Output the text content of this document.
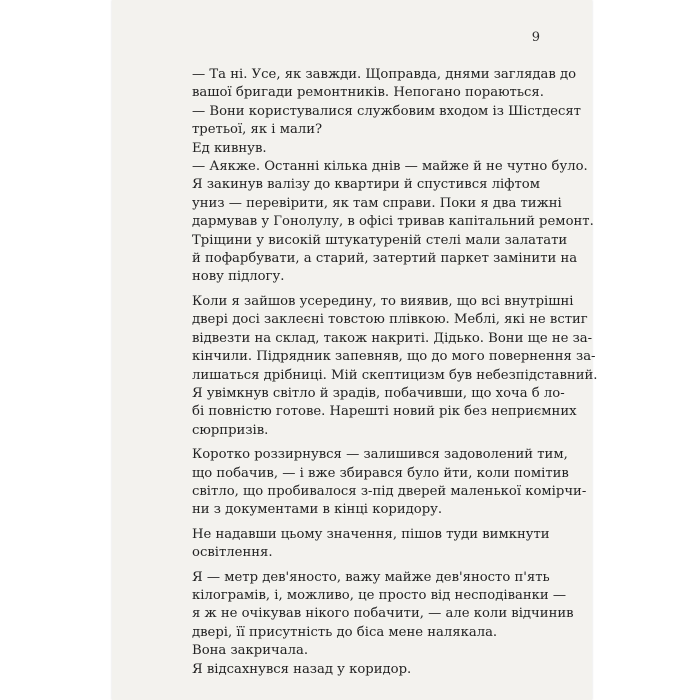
9
— Та ні. Усе, як завжди. Щоправда, днями заглядав до
вашої бригади ремонтників. Непогано пораються.
— Вони користувалися службовим входом із Шістдесят
третьої, як і мали?
Ед кивнув.
— Аякже. Останні кілька днів — майже й не чутно було.
Я закинув валізу до квартири й спустився ліфтом
униз — перевірити, як там справи. Поки я два тижні
дармував у Гонолулу, в офісі тривав капітальний ремонт.
Тріщини у високій штукатуреній стелі мали залатати
й пофарбувати, а старий, затертий паркет замінити на
нову підлогу.
Коли я зайшов усередину, то виявив, що всі внутрішні
двері досі заклеєні товстою плівкою. Меблі, які не встиг
відвезти на склад, також накриті. Дідько. Вони ще не за-
кінчили. Підрядник запевняв, що до мого повернення за-
лишаться дрібниці. Мій скептицизм був небезпідставний.
Я увімкнув світло й зрадів, побачивши, що хоча б ло-
бі повністю готове. Нарешті новий рік без неприємних
сюрпризів.
Коротко роззирнувся — залишився задоволений тим,
що побачив, — і вже збирався було йти, коли помітив
світло, що пробивалося з-під дверей маленької комірчи-
ни з документами в кінці коридору.
Не надавши цьому значення, пішов туди вимкнути
освітлення.
Я — метр дев'яносто, важу майже дев'яносто п'ять
кілограмів, і, можливо, це просто від несподіванки —
я ж не очікував нікого побачити, — але коли відчинив
двері, її присутність до біса мене налякала.
Вона закричала.
Я відсахнувся назад у коридор.
